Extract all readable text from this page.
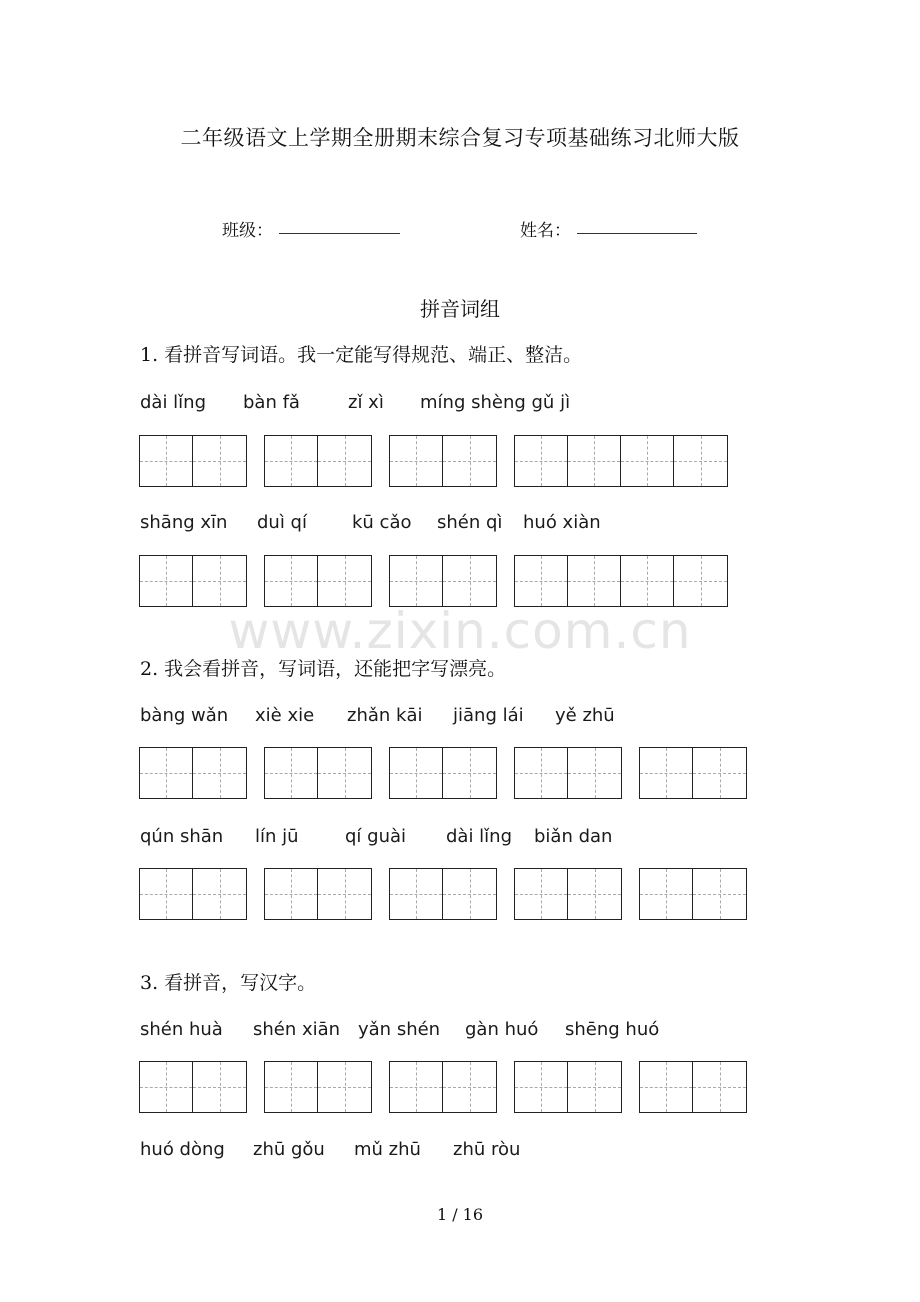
二年级语文上学期全册期末综合复习专项基础练习北师大版
班级：	姓名：
拼音词组
1. 看拼音写词语。我一定能写得规范、端正、整洁。
dài lǐng bàn fǎ	zǐ xì míng shèng gǔ jì
shāng xīn duì qí	kū cǎo shén qì huó xiàn
www.zixin.com.cn
2. 我会看拼音，写词语，还能把字写漂亮。
bàng wǎn xiè xie zhǎn kāi jiāng lái yě zhū
qún shān lín jū	qí guài dài lǐng biǎn dan
3. 看拼音，写汉字。
shén huà shén xiān yǎn shén gàn huó shēng huó
huó dòng zhū gǒu mǔ zhū zhū ròu
1 / 16
